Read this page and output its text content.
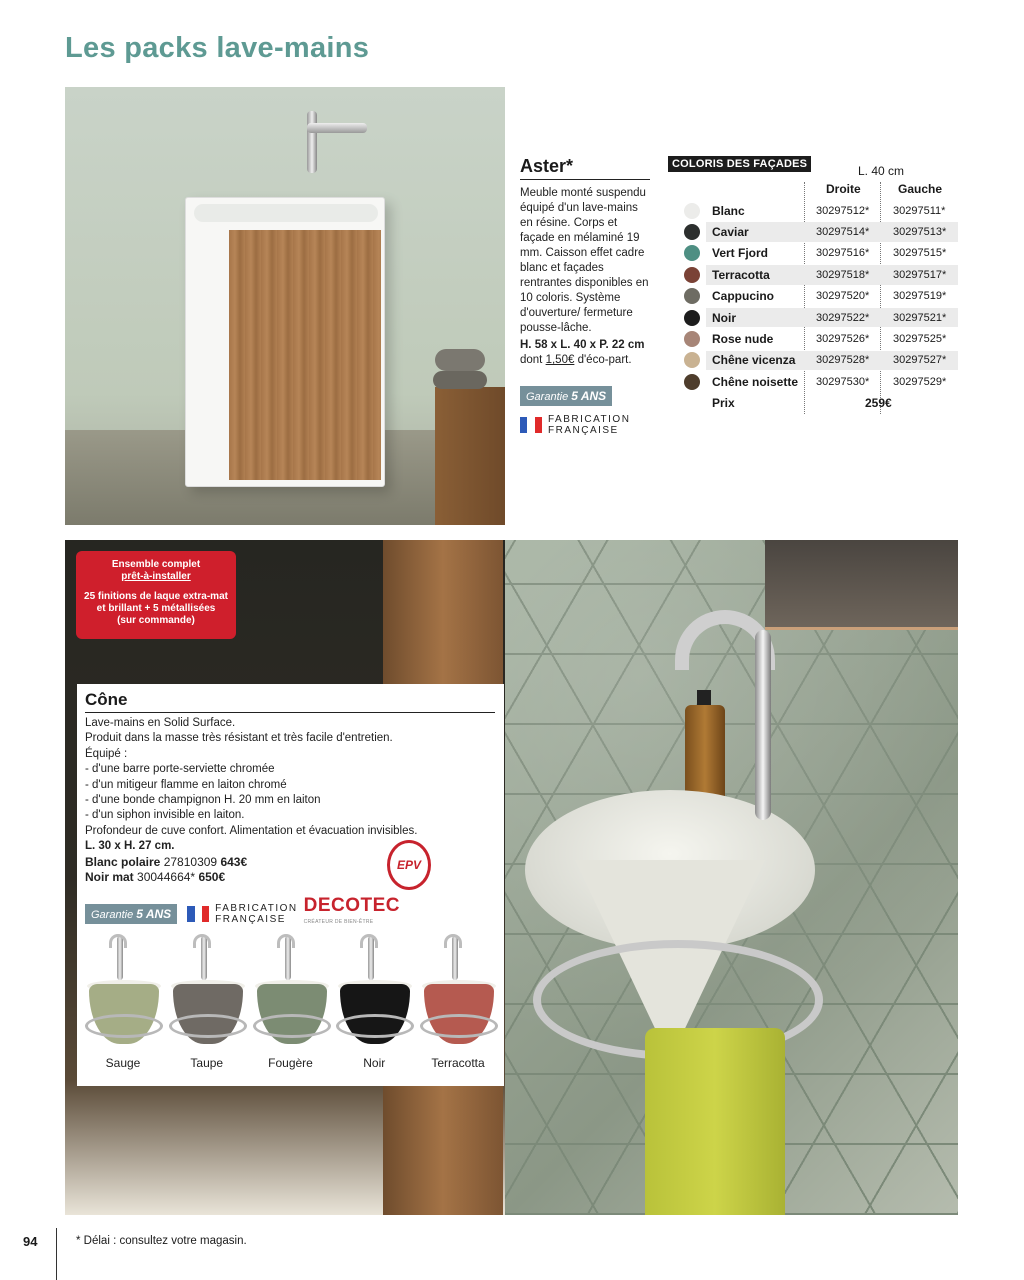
Les packs lave-mains
Aster*

Meuble monté suspendu équipé d'un lave-mains en résine. Corps et façade en mélaminé 19 mm. Caisson effet cadre blanc et façades rentrantes disponibles en 10 coloris. Système d'ouverture/ fermeture pousse-lâche.

H. 58 x L. 40 x P. 22 cm

dont 1,50€ d'éco-part.

Garantie 5 ANS
FABRICATION
FRANÇAISE
COLORIS DES FAÇADES	L. 40 cm
Droite	Gauche
Blanc	30297512* 30297511*
Caviar	30297514* 30297513*
Vert Fjord	30297516* 30297515*
Terracotta	30297518* 30297517*
Cappucino	30297520* 30297519*
Noir	30297522* 30297521*
Rose nude	30297526* 30297525*
Chêne vicenza 30297528* 30297527*
Chêne noisette 30297530* 30297529*
Prix	259€
Ensemble complet
prêt-à-installer
25 finitions de laque extra-mat
et brillant + 5 métallisées
(sur commande)
Cône
Lave-mains en Solid Surface.
Produit dans la masse très résistant et très facile d'entretien.
Équipé :
- d'une barre porte-serviette chromée
- d'un mitigeur flamme en laiton chromé
- d'une bonde champignon H. 20 mm en laiton
- d'un siphon invisible en laiton.
Profondeur de cuve confort. Alimentation et évacuation invisibles.
L. 30 x H. 27 cm.
Blanc polaire 27810309 643€
Noir mat 30044664* 650€
EPV
Garantie 5 ANS	FABRICATION
FRANÇAISE
DECOTEC
CRÉATEUR DE BIEN-ÊTRE
Sauge	Taupe	Fougère	Noir	Terracotta
94	* Délai : consultez votre magasin.
